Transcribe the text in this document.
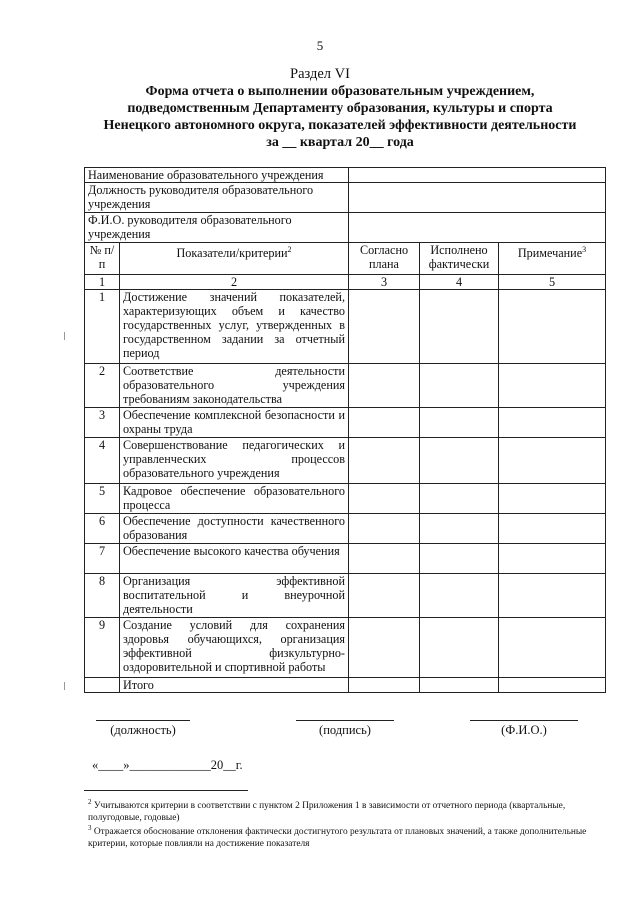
5
Раздел VI
Форма отчета о выполнении образовательным учреждением,
подведомственным Департаменту образования, культуры и спорта
Ненецкого автономного округа, показателей эффективности деятельности
за __ квартал 20__ года
Наименование образовательного учреждения				
Должность руководителя образовательного учреждения				
Ф.И.О. руководителя образовательного учреждения				
№ п/п	Показатели/критерии$^2$	Согласно плана	Исполнено фактически	Примечание$^3$
1	2	3	4	5
1	Достижение значений показателей, характеризующих объем и качество государственных услуг, утвержденных в государственном задании за отчетный период			
2	Соответствие деятельности образовательного учреждения требованиям законодательства			
3	Обеспечение комплексной безопасности и охраны труда			
4	Совершенствование педагогических и управленческих процессов образовательного учреждения			
5	Кадровое обеспечение образовательного процесса			
6	Обеспечение доступности качественного образования			
7	Обеспечение высокого качества обучения			
8	Организация эффективной воспитательной и внеурочной деятельности			
9	Создание условий для сохранения здоровья обучающихся, организация эффективной физкультурно-оздоровительной и спортивной работы			
	Итого			
(должность)	(подпись)	(Ф.И.О.)
«____»_____________20__г.
$^2$ Учитываются критерии в соответствии с пунктом 2 Приложения 1 в зависимости от отчетного периода (квартальные, полугодовые, годовые)
$^3$ Отражается обоснование отклонения фактически достигнутого результата от плановых значений, а также дополнительные критерии, которые повлияли на достижение показателя
